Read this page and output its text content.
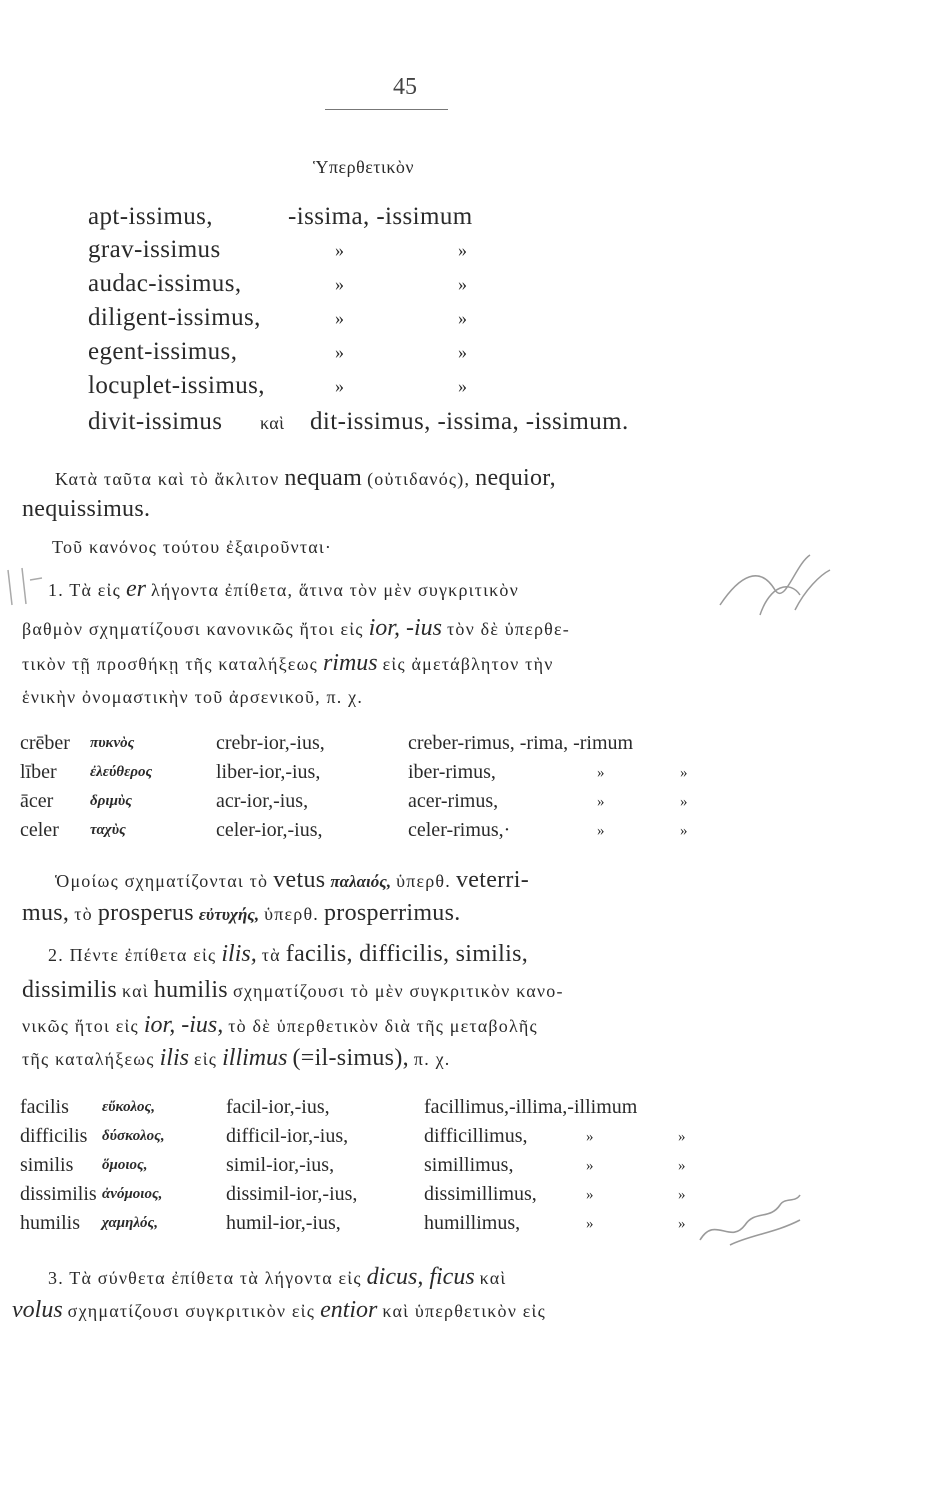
45
Ὑπερθετικὸν
apt-issimus,	-issima, -issimum
grav-issimus	»	»
audac-issimus,	»	»
diligent-issimus,	»	»
egent-issimus,	»	»
locuplet-issimus,	»	»
divit-issimus καὶ dit-issimus, -issima, -issimum.
Κατὰ ταῦτα καὶ τὸ ἄκλιτον nequam (οὐτιδανός), nequior,
nequissimus.
Τοῦ κανόνος τούτου ἐξαιροῦνται·
1. Τὰ εἰς er λήγοντα ἐπίθετα, ἅτινα τὸν μὲν συγκριτικὸν
βαθμὸν σχηματίζουσι κανονικῶς ἤτοι εἰς ior, -ius τὸν δὲ ὑπερθε-
τικὸν τῇ προσθήκῃ τῆς καταλήξεως rimus εἰς ἀμετάβλητον τὴν
ἑνικὴν ὀνομαστικὴν τοῦ ἀρσενικοῦ, π. χ.
crēber πυκνὸς	crebr-ior,-ius,	creber-rimus, -rima, -rimum
līber ἐλεύθερος	liber-ior,-ius,	iber-rimus,	»	»
ācer δριμὺς	acr-ior,-ius,	acer-rimus,	»	»
celer ταχὺς	celer-ior,-ius,	celer-rimus,·	»	»
Ὁμοίως σχηματίζονται τὸ vetus παλαιός, ὑπερθ. veterri-
mus, τὸ prosperus εὐτυχής, ὑπερθ. prosperrimus.
2. Πέντε ἐπίθετα εἰς ilis, τὰ facilis, difficilis, similis,
dissimilis καὶ humilis σχηματίζουσι τὸ μὲν συγκριτικὸν κανο-
νικῶς ἤτοι εἰς ior, -ius, τὸ δὲ ὑπερθετικὸν διὰ τῆς μεταβολῆς
τῆς καταλήξεως ilis εἰς illimus (=il-simus), π. χ.
facilis εὔκολος,	facil-ior,-ius,	facillimus,-illima,-illimum
difficilis δύσκολος,	difficil-ior,-ius,	difficillimus,	»	»
similis ὅμοιος,	simil-ior,-ius,	simillimus,	»	»
dissimilis ἀνόμοιος,	dissimil-ior,-ius,	dissimillimus,	»	»
humilis χαμηλός,	humil-ior,-ius,	humillimus,	»	»
3. Τὰ σύνθετα ἐπίθετα τὰ λήγοντα εἰς dicus, ficus καὶ
volus σχηματίζουσι συγκριτικὸν εἰς entior καὶ ὑπερθετικὸν εἰς
